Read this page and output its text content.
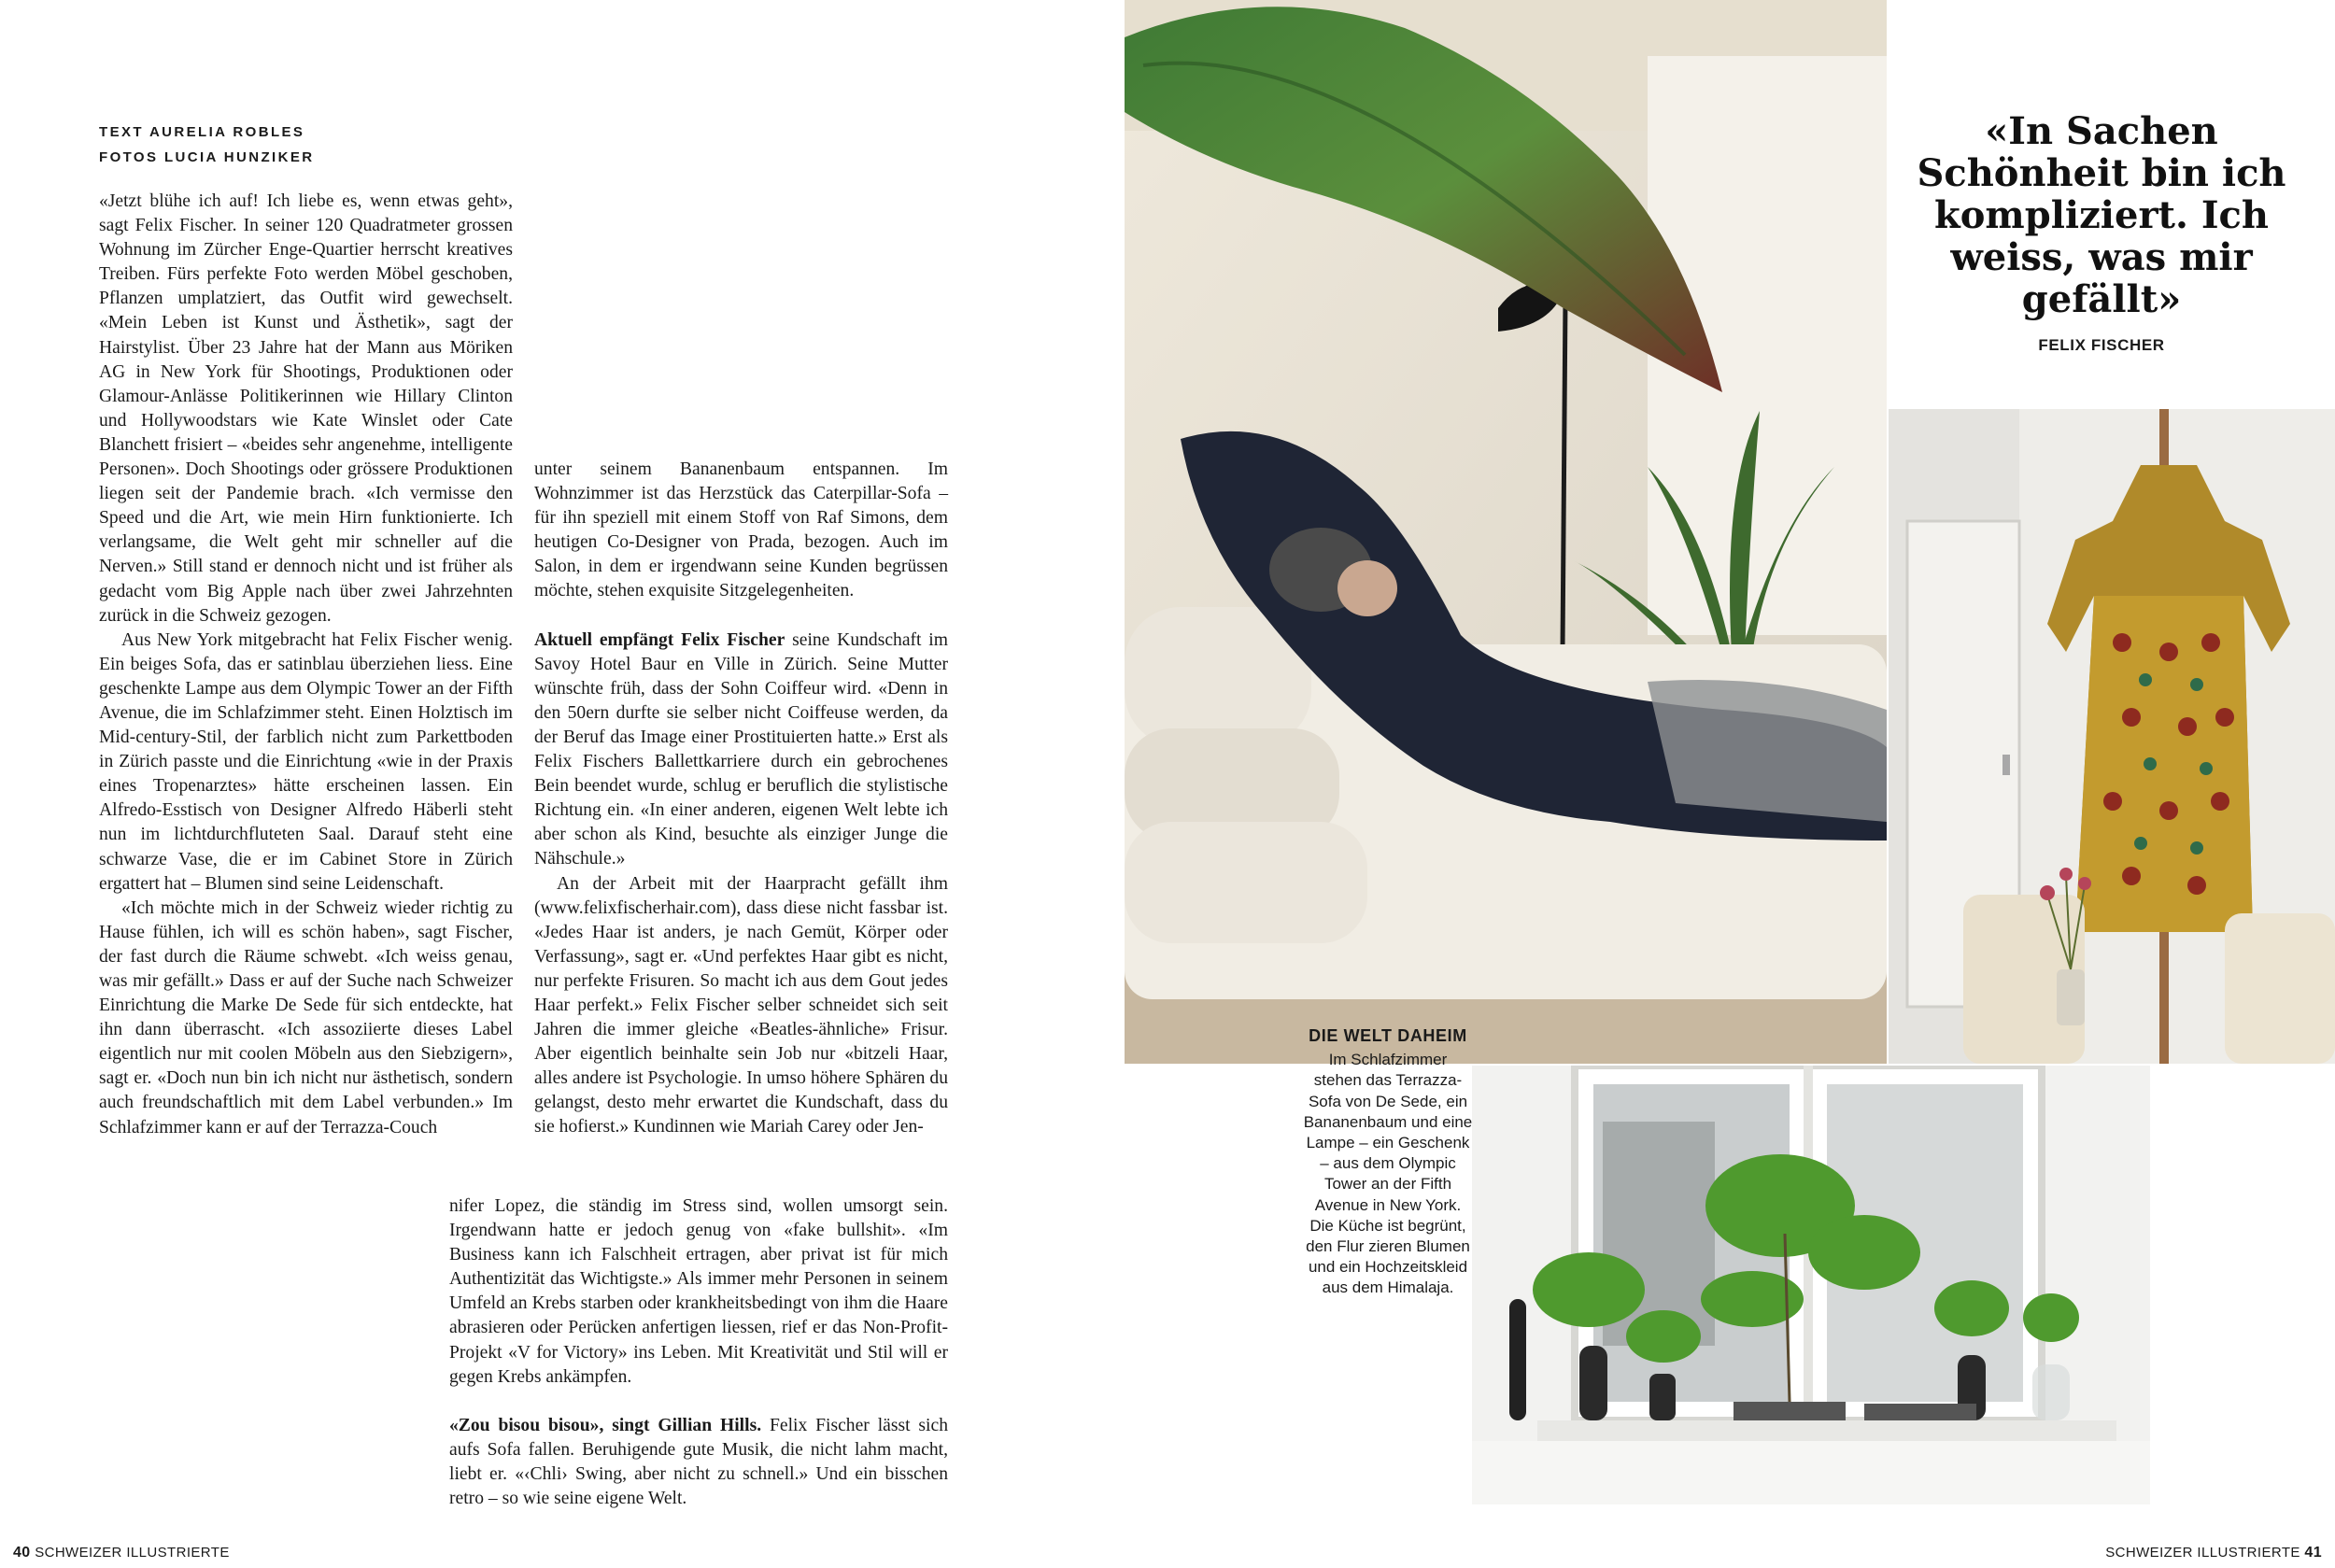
TEXT AURELIA ROBLES
FOTOS LUCIA HUNZIKER

«Jetzt blühe ich auf! Ich liebe es, wenn etwas geht», sagt Felix Fischer. In seiner 120 Quadratmeter grossen Wohnung im Zürcher Enge-Quartier herrscht kreatives Treiben. Fürs perfekte Foto werden Möbel geschoben, Pflanzen umplatziert, das Outfit wird gewechselt. «Mein Leben ist Kunst und Ästhetik», sagt der Hairstylist. Über 23 Jahre hat der Mann aus Möriken AG in New York für Shootings, Produktionen oder Glamour-Anlässe Politikerinnen wie Hillary Clinton und Hollywoodstars wie Kate Winslet oder Cate Blanchett frisiert – «beides sehr angenehme, intelligente Personen». Doch Shootings oder grössere Produktionen liegen seit der Pandemie brach. «Ich vermisse den Speed und die Art, wie mein Hirn funktionierte. Ich verlangsame, die Welt geht mir schneller auf die Nerven.» Still stand er dennoch nicht und ist früher als gedacht vom Big Apple nach über zwei Jahrzehnten zurück in die Schweiz gezogen.

Aus New York mitgebracht hat Felix Fischer wenig. Ein beiges Sofa, das er satinblau überziehen liess. Eine geschenkte Lampe aus dem Olympic Tower an der Fifth Avenue, die im Schlafzimmer steht. Einen Holztisch im Mid-century-Stil, der farblich nicht zum Parkettboden in Zürich passte und die Einrichtung «wie in der Praxis eines Tropenarztes» hätte erscheinen lassen. Ein Alfredo-Esstisch von Designer Alfredo Häberli steht nun im lichtdurchfluteten Saal. Darauf steht eine schwarze Vase, die er im Cabinet Store in Zürich ergattert hat – Blumen sind seine Leidenschaft.

«Ich möchte mich in der Schweiz wieder richtig zu Hause fühlen, ich will es schön haben», sagt Fischer, der fast durch die Räume schwebt. «Ich weiss genau, was mir gefällt.» Dass er auf der Suche nach Schweizer Einrichtung die Marke De Sede für sich entdeckte, hat ihn dann überrascht. «Ich assoziierte dieses Label eigentlich nur mit coolen Möbeln aus den Siebzigern», sagt er. «Doch nun bin ich nicht nur ästhetisch, sondern auch freundschaftlich mit dem Label verbunden.» Im Schlafzimmer kann er auf der Terrazza-Couch

unter seinem Bananenbaum entspannen. Im Wohnzimmer ist das Herzstück das Caterpillar-Sofa – für ihn speziell mit einem Stoff von Raf Simons, dem heutigen Co-Designer von Prada, bezogen. Auch im Salon, in dem er irgendwann seine Kunden begrüssen möchte, stehen exquisite Sitzgelegenheiten.

Aktuell empfängt Felix Fischer seine Kundschaft im Savoy Hotel Baur en Ville in Zürich. Seine Mutter wünschte früh, dass der Sohn Coiffeur wird. «Denn in den 50ern durfte sie selber nicht Coiffeuse werden, da der Beruf das Image einer Prostituierten hatte.» Erst als Felix Fischers Ballettkarriere durch ein gebrochenes Bein beendet wurde, schlug er beruflich die stylistische Richtung ein. «In einer anderen, eigenen Welt lebte ich aber schon als Kind, besuchte als einziger Junge die Nähschule.»

An der Arbeit mit der Haarpracht gefällt ihm (www.felixfischerhair.com), dass diese nicht fassbar ist. «Jedes Haar ist anders, je nach Gemüt, Körper oder Verfassung», sagt er. «Und perfektes Haar gibt es nicht, nur perfekte Frisuren. So macht ich aus dem Gout jedes Haar perfekt.» Felix Fischer selber schneidet sich seit Jahren die immer gleiche «Beatles-ähnliche» Frisur. Aber eigentlich beinhalte sein Job nur «bitzeli Haar, alles andere ist Psychologie. In umso höhere Sphären du gelangst, desto mehr erwartet die Kundschaft, dass du sie hofierst.» Kundinnen wie Mariah Carey oder Jen-

nifer Lopez, die ständig im Stress sind, wollen umsorgt sein. Irgendwann hatte er jedoch genug von «fake bullshit». «Im Business kann ich Falschheit ertragen, aber privat ist für mich Authentizität das Wichtigste.» Als immer mehr Personen in seinem Umfeld an Krebs starben oder krankheitsbedingt von ihm die Haare abrasieren oder Perücken anfertigen liessen, rief er das Non-Profit-Projekt «V for Victory» ins Leben. Mit Kreativität und Stil will er gegen Krebs ankämpfen.

«Zou bisou bisou», singt Gillian Hills. Felix Fischer lässt sich aufs Sofa fallen. Beruhigende gute Musik, die nicht lahm macht, liebt er. «‹Chli› Swing, aber nicht zu schnell.» Und ein bisschen retro – so wie seine eigene Welt.

«In Sachen Schönheit bin ich kompliziert. Ich weiss, was mir gefällt»
FELIX FISCHER
DIE WELT DAHEIM
Im Schlafzimmer stehen das Terrazza-Sofa von De Sede, ein Bananenbaum und eine Lampe – ein Geschenk – aus dem Olympic Tower an der Fifth Avenue in New York. Die Küche ist begrünt, den Flur zieren Blumen und ein Hochzeitskleid aus dem Himalaja.
40 SCHWEIZER ILLUSTRIERTE	SCHWEIZER ILLUSTRIERTE 41
